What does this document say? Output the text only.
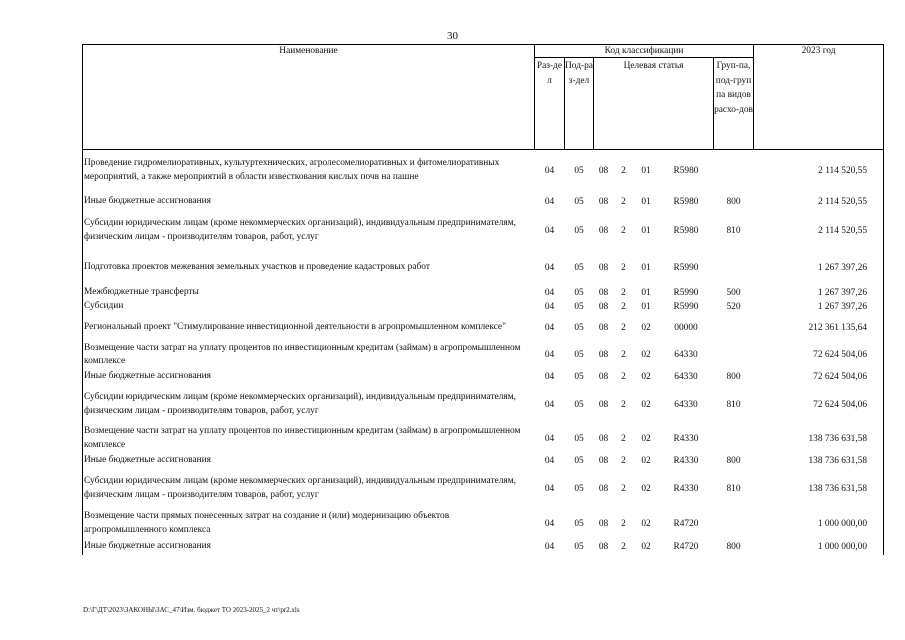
30
Наименование	Код классификации							2023 год

	Раз-дел	Под-раз-дел	Целевая статья				Груп-па, под-группа видов расхо-дов	

Проведение гидромелиоративных, культуртехнических, агролесомелиоративных и фитомелиоративных мероприятий, а также мероприятий в области известкования кислых почв на пашне	04	05	08	2	01	R5980		2 114 520,55
Иные бюджетные ассигнования	04	05	08	2	01	R5980	800	2 114 520,55
Субсидии юридическим лицам (кроме некоммерческих организаций), индивидуальным предпринимателям, физическим лицам - производителям товаров, работ, услуг	04	05	08	2	01	R5980	810	2 114 520,55
Подготовка проектов межевания земельных участков и проведение кадастровых работ	04	05	08	2	01	R5990		1 267 397,26
Межбюджетные трансферты	04	05	08	2	01	R5990	500	1 267 397,26
Субсидии	04	05	08	2	01	R5990	520	1 267 397,26
Региональный проект "Стимулирование инвестиционной деятельности в агропромышленном комплексе"	04	05	08	2	02	00000		212 361 135,64
Возмещение части затрат на уплату процентов по инвестиционным кредитам (займам) в агропромышленном комплексе	04	05	08	2	02	64330		72 624 504,06
Иные бюджетные ассигнования	04	05	08	2	02	64330	800	72 624 504,06
Субсидии юридическим лицам (кроме некоммерческих организаций), индивидуальным предпринимателям, физическим лицам - производителям товаров, работ, услуг	04	05	08	2	02	64330	810	72 624 504,06
Возмещение части затрат на уплату процентов по инвестиционным кредитам (займам) в агропромышленном комплексе	04	05	08	2	02	R4330		138 736 631,58
Иные бюджетные ассигнования	04	05	08	2	02	R4330	800	138 736 631,58
Субсидии юридическим лицам (кроме некоммерческих организаций), индивидуальным предпринимателям, физическим лицам - производителям товаров, работ, услуг	04	05	08	2	02	R4330	810	138 736 631,58
Возмещение части прямых понесенных затрат на создание и (или) модернизацию объектов агропромышленного комплекса	04	05	08	2	02	R4720		1 000 000,00
Иные бюджетные ассигнования	04	05	08	2	02	R4720	800	1 000 000,00
D:\Г\ДТ\2023\ЗАКОНЫ\ЗАС_47\Изм. бюджет ТО 2023-2025_2 чт\pr2.xls
